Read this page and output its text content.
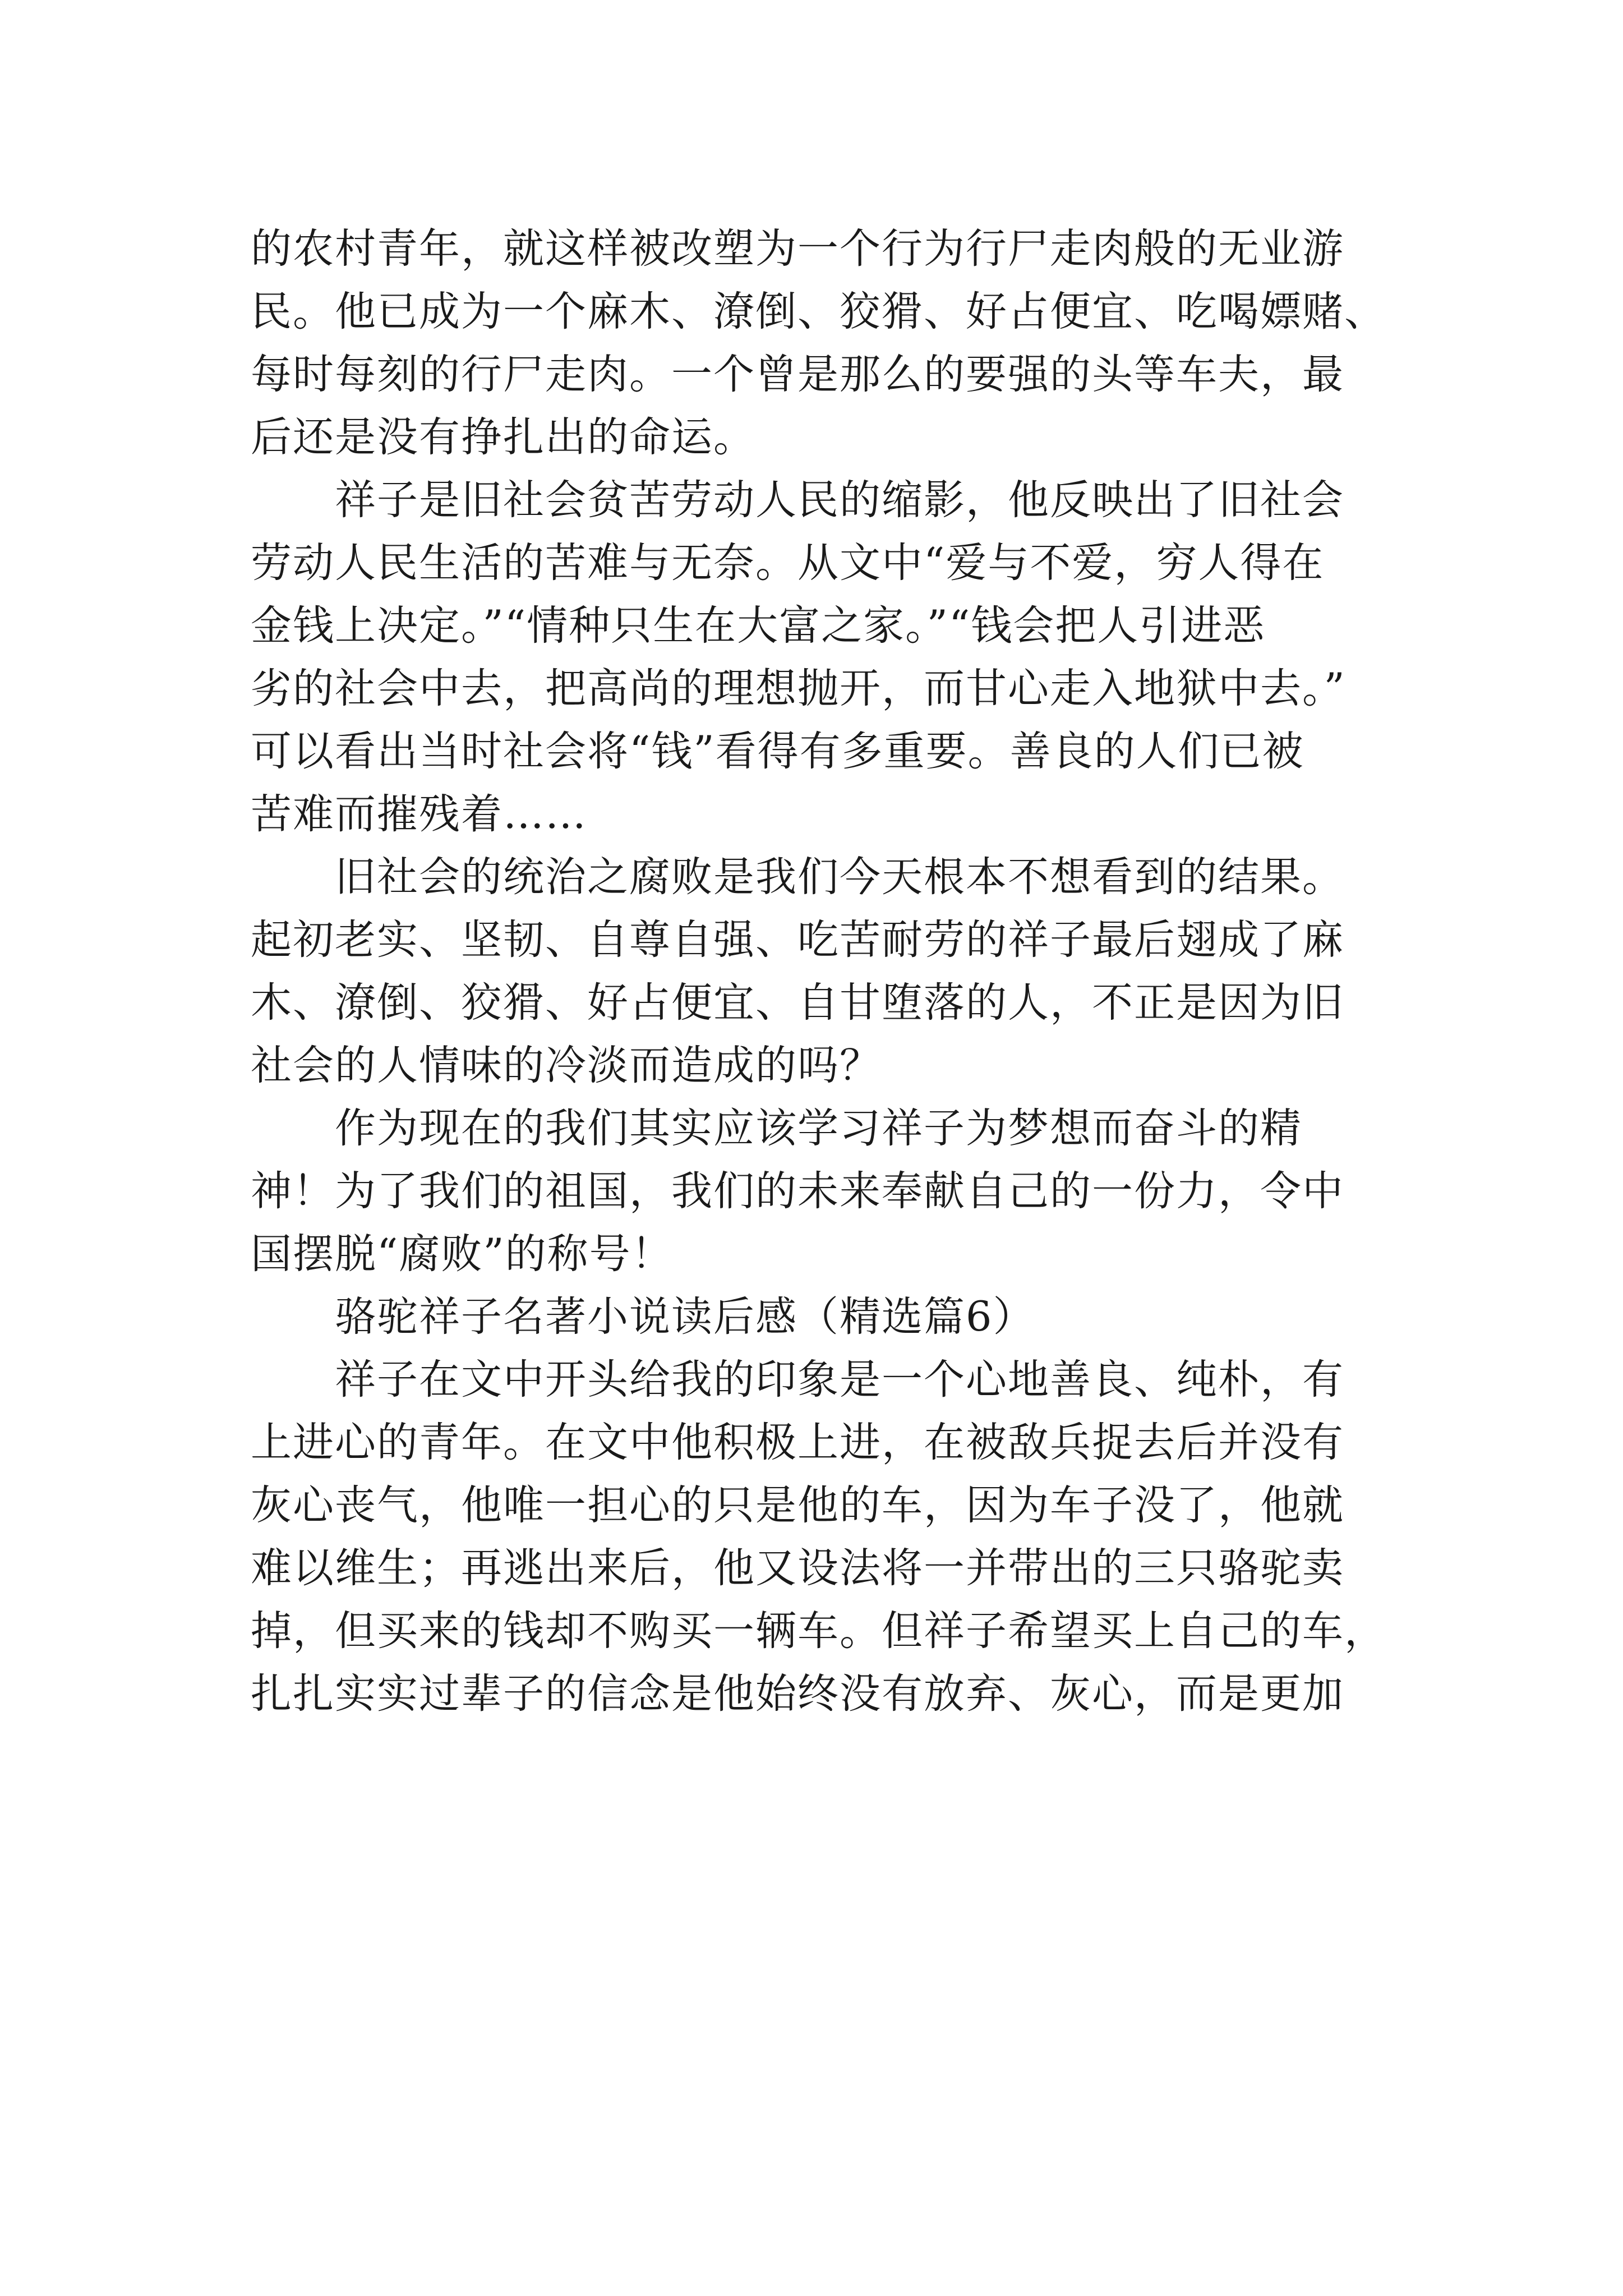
的农村青年，就这样被改塑为一个行为行尸走肉般的无业游
民。他已成为一个麻木、潦倒、狡猾、好占便宜、吃喝嫖赌、
每时每刻的行尸走肉。一个曾是那么的要强的头等车夫，最
后还是没有挣扎出的命运。
祥子是旧社会贫苦劳动人民的缩影，他反映出了旧社会
劳动人民生活的苦难与无奈。从文中“爱与不爱，穷人得在
金钱上决定。”“情种只生在大富之家。”“钱会把人引进恶
劣的社会中去，把高尚的理想抛开，而甘心走入地狱中去。”
可以看出当时社会将“钱”看得有多重要。善良的人们已被
苦难而摧残着……
旧社会的统治之腐败是我们今天根本不想看到的结果。
起初老实、坚韧、自尊自强、吃苦耐劳的祥子最后翅成了麻
木、潦倒、狡猾、好占便宜、自甘堕落的人，不正是因为旧
社会的人情味的冷淡而造成的吗？
作为现在的我们其实应该学习祥子为梦想而奋斗的精
神！为了我们的祖国，我们的未来奉献自己的一份力，令中
国摆脱“腐败”的称号！
骆驼祥子名著小说读后感（精选篇6）
祥子在文中开头给我的印象是一个心地善良、纯朴，有
上进心的青年。在文中他积极上进，在被敌兵捉去后并没有
灰心丧气，他唯一担心的只是他的车，因为车子没了，他就
难以维生；再逃出来后，他又设法将一并带出的三只骆驼卖
掉，但买来的钱却不购买一辆车。但祥子希望买上自己的车，
扎扎实实过辈子的信念是他始终没有放弃、灰心，而是更加
